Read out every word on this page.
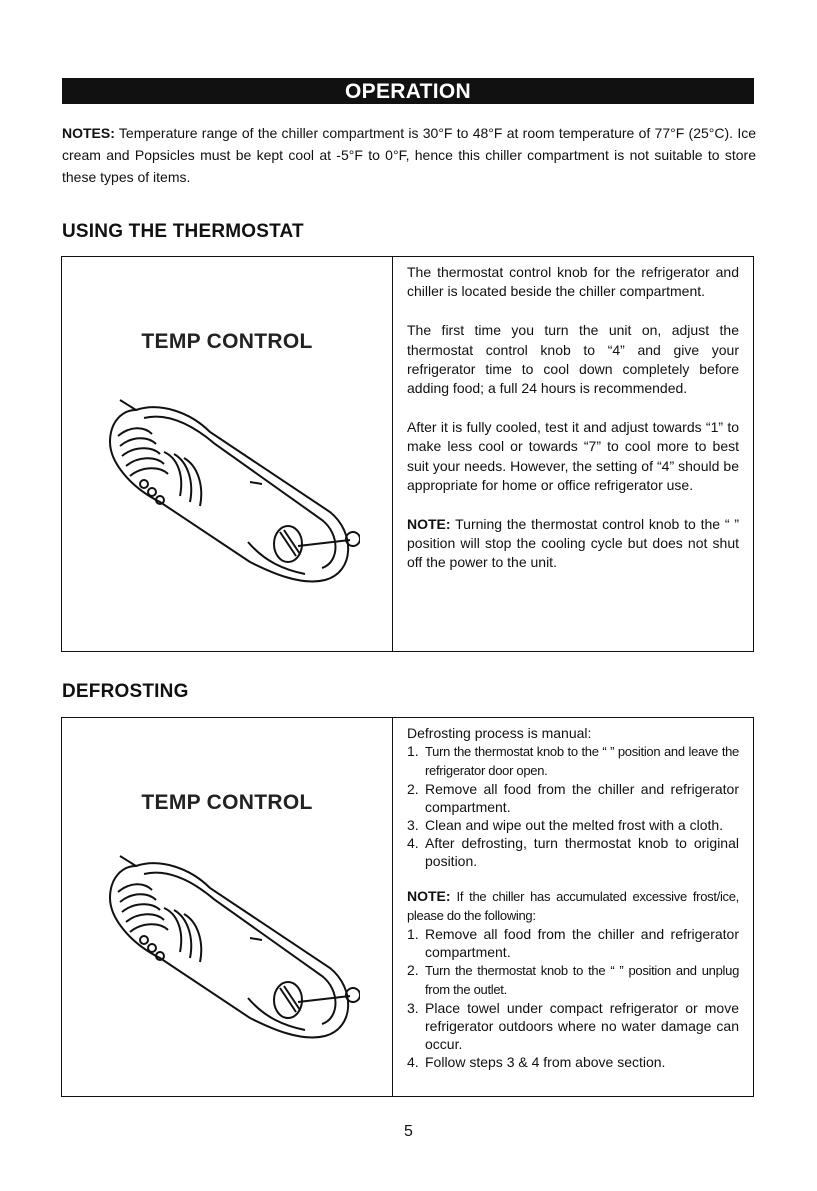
OPERATION
NOTES: Temperature range of the chiller compartment is 30°F to 48°F at room temperature of 77°F (25°C). Ice cream and Popsicles must be kept cool at -5°F to 0°F, hence this chiller compartment is not suitable to store these types of items.
USING THE THERMOSTAT
TEMP CONTROL

The thermostat control knob for the refrigerator and chiller is located beside the chiller compartment.

The first time you turn the unit on, adjust the thermostat control knob to “4” and give your refrigerator time to cool down completely before adding food; a full 24 hours is recommended.

After it is fully cooled, test it and adjust towards “1” to make less cool or towards “7” to cool more to best suit your needs. However, the setting of “4” should be appropriate for home or office refrigerator use.

NOTE: Turning the thermostat control knob to the “ ” position will stop the cooling cycle but does not shut off the power to the unit.

DEFROSTING
TEMP CONTROL

Defrosting process is manual:

1. Turn the thermostat knob to the “ ” position and leave the refrigerator door open.
2. Remove all food from the chiller and refrigerator compartment.
3. Clean and wipe out the melted frost with a cloth.
4. After defrosting, turn thermostat knob to original position.

NOTE: If the chiller has accumulated excessive frost/ice, please do the following:

1. Remove all food from the chiller and refrigerator compartment.
2. Turn the thermostat knob to the “ ” position and unplug from the outlet.
3. Place towel under compact refrigerator or move refrigerator outdoors where no water damage can occur.
4. Follow steps 3 & 4 from above section.
5
